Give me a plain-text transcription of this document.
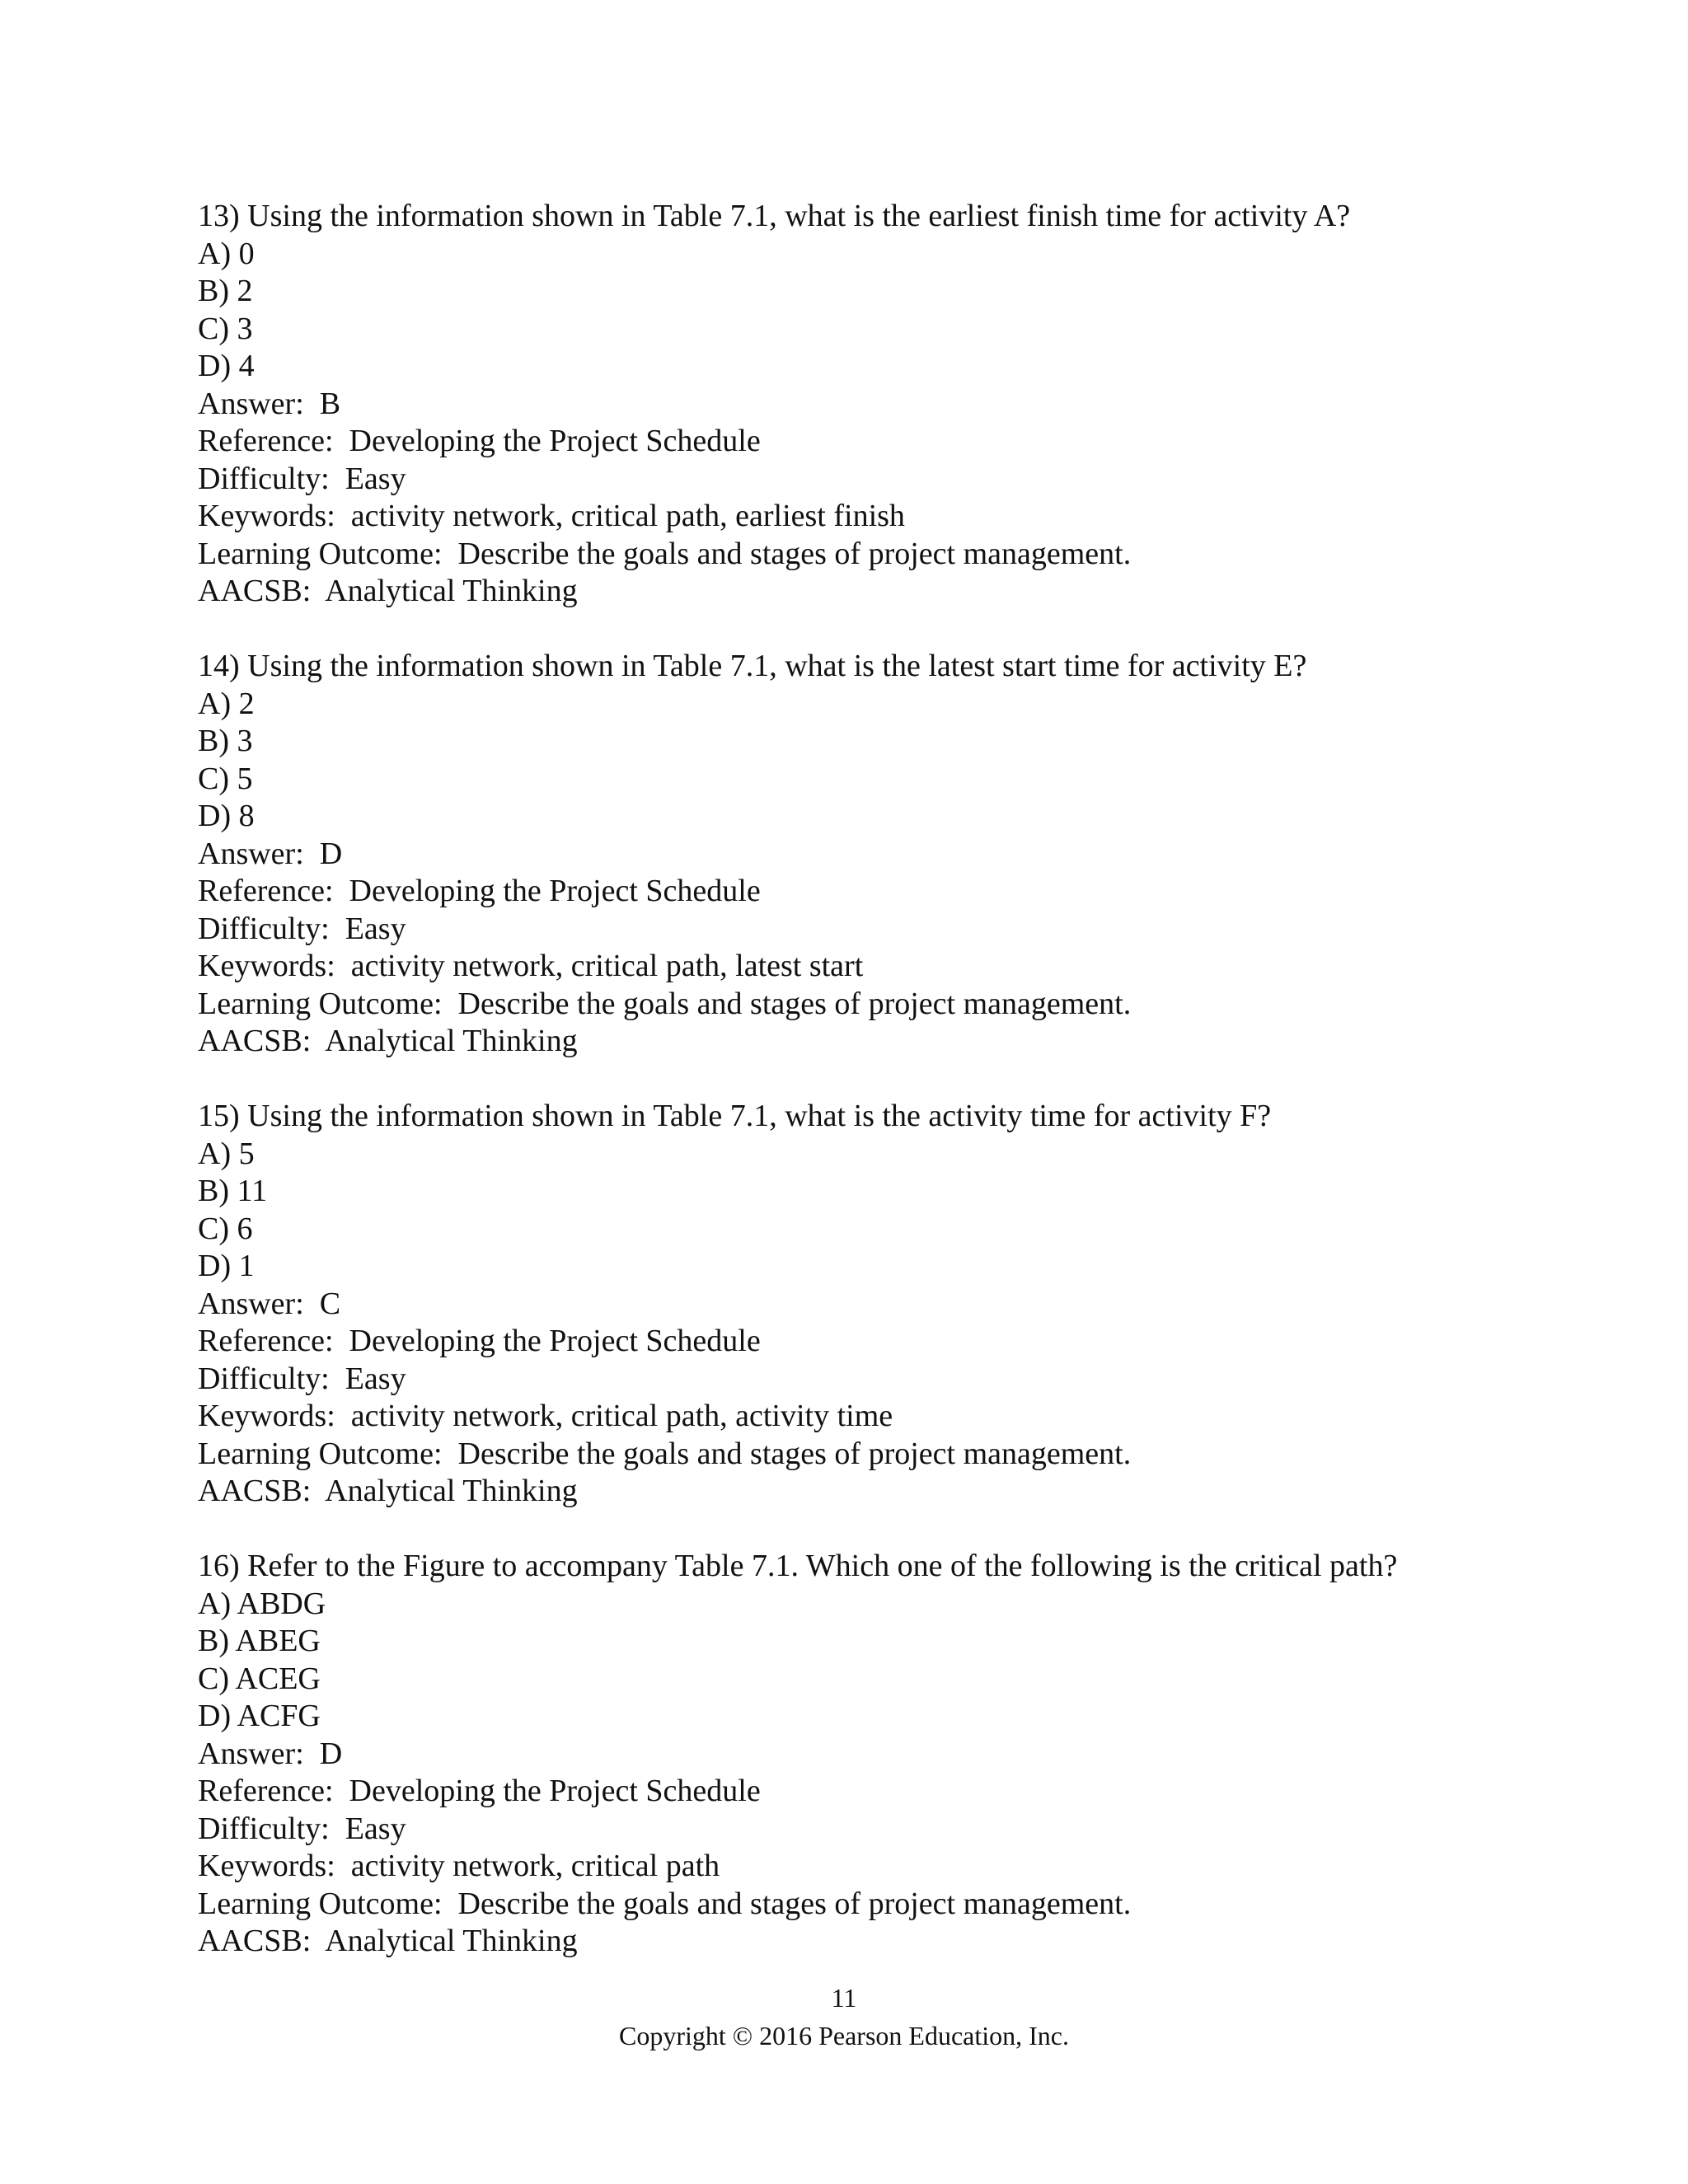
13) Using the information shown in Table 7.1, what is the earliest finish time for activity A?
A) 0
B) 2
C) 3
D) 4
Answer:  B
Reference:  Developing the Project Schedule
Difficulty:  Easy
Keywords:  activity network, critical path, earliest finish
Learning Outcome:  Describe the goals and stages of project management.
AACSB:  Analytical Thinking
14) Using the information shown in Table 7.1, what is the latest start time for activity E?
A) 2
B) 3
C) 5
D) 8
Answer:  D
Reference:  Developing the Project Schedule
Difficulty:  Easy
Keywords:  activity network, critical path, latest start
Learning Outcome:  Describe the goals and stages of project management.
AACSB:  Analytical Thinking
15) Using the information shown in Table 7.1, what is the activity time for activity F?
A) 5
B) 11
C) 6
D) 1
Answer:  C
Reference:  Developing the Project Schedule
Difficulty:  Easy
Keywords:  activity network, critical path, activity time
Learning Outcome:  Describe the goals and stages of project management.
AACSB:  Analytical Thinking
16) Refer to the Figure to accompany Table 7.1. Which one of the following is the critical path?
A) ABDG
B) ABEG
C) ACEG
D) ACFG
Answer:  D
Reference:  Developing the Project Schedule
Difficulty:  Easy
Keywords:  activity network, critical path
Learning Outcome:  Describe the goals and stages of project management.
AACSB:  Analytical Thinking
11
Copyright © 2016 Pearson Education, Inc.
